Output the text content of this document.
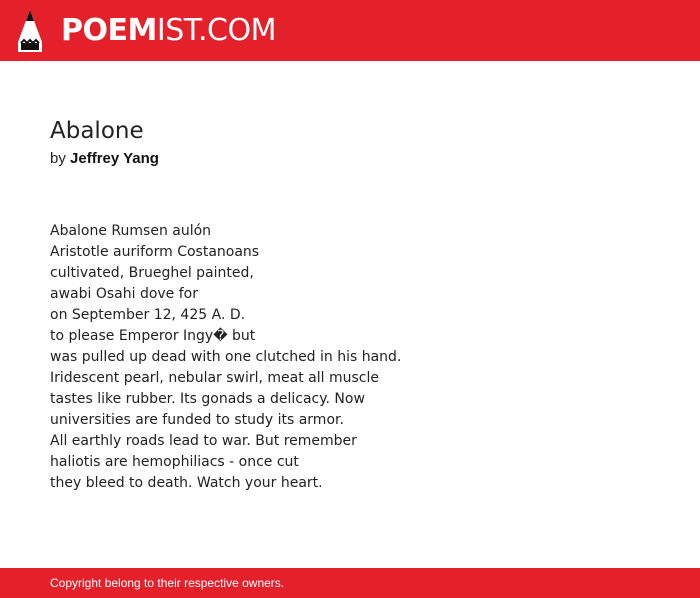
POEMIST.COM
Abalone

by Jeffrey Yang

Abalone Rumsen aulón
Aristotle auriform Costanoans
cultivated, Brueghel painted,
awabi Osahi dove for
on September 12, 425 A. D.
to please Emperor Ingy� but
was pulled up dead with one clutched in his hand.
Iridescent pearl, nebular swirl, meat all muscle
tastes like rubber. Its gonads a delicacy. Now
universities are funded to study its armor.
All earthly roads lead to war. But remember
haliotis are hemophiliacs - once cut
they bleed to death. Watch your heart.
Copyright belong to their respective owners.
